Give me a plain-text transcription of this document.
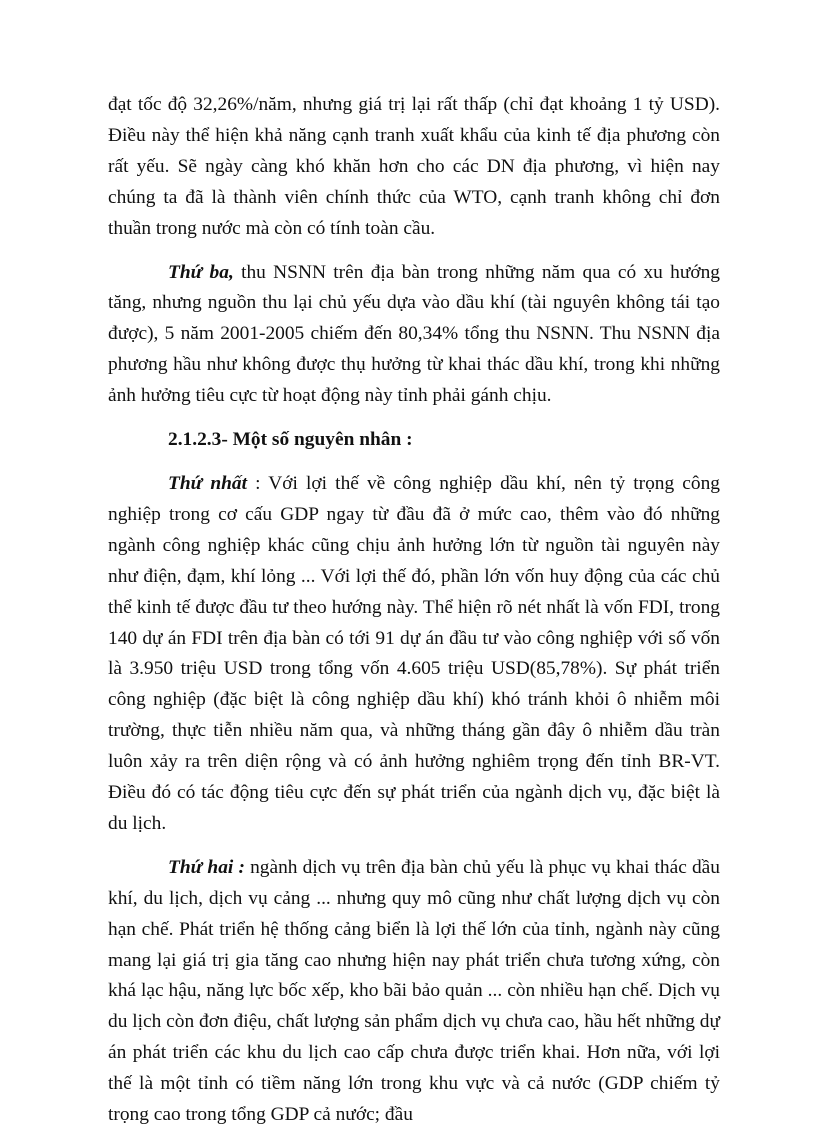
đạt tốc độ 32,26%/năm, nhưng giá trị lại rất thấp (chỉ đạt khoảng 1 tỷ USD). Điều này thể hiện khả năng cạnh tranh xuất khẩu của kinh tế địa phương còn rất yếu. Sẽ ngày càng khó khăn hơn cho các DN địa phương, vì hiện nay chúng ta đã là thành viên chính thức của WTO, cạnh tranh không chỉ đơn thuần trong nước mà còn có tính toàn cầu.

Thứ ba, thu NSNN trên địa bàn trong những năm qua có xu hướng tăng, nhưng nguồn thu lại chủ yếu dựa vào dầu khí (tài nguyên không tái tạo được), 5 năm 2001-2005 chiếm đến 80,34% tổng thu NSNN. Thu NSNN địa phương hầu như không được thụ hưởng từ khai thác dầu khí, trong khi những ảnh hưởng tiêu cực từ hoạt động này tỉnh phải gánh chịu.

2.1.2.3- Một số nguyên nhân :

Thứ nhất : Với lợi thế về công nghiệp dầu khí, nên tỷ trọng công nghiệp trong cơ cấu GDP ngay từ đầu đã ở mức cao, thêm vào đó những ngành công nghiệp khác cũng chịu ảnh hưởng lớn từ nguồn tài nguyên này như điện, đạm, khí lỏng ... Với lợi thế đó, phần lớn vốn huy động của các chủ thể kinh tế được đầu tư theo hướng này. Thể hiện rõ nét nhất là vốn FDI, trong 140 dự án FDI trên địa bàn có tới 91 dự án đầu tư vào công nghiệp với số vốn là 3.950 triệu USD trong tổng vốn 4.605 triệu USD(85,78%). Sự phát triển công nghiệp (đặc biệt là công nghiệp dầu khí) khó tránh khỏi ô nhiễm môi trường, thực tiễn nhiều năm qua, và những tháng gần đây ô nhiễm dầu tràn luôn xảy ra trên diện rộng và có ảnh hưởng nghiêm trọng đến tỉnh BR-VT. Điều đó có tác động tiêu cực đến sự phát triển của ngành dịch vụ, đặc biệt là du lịch.

Thứ hai : ngành dịch vụ trên địa bàn chủ yếu là phục vụ khai thác dầu khí, du lịch, dịch vụ cảng ... nhưng quy mô cũng như chất lượng dịch vụ còn hạn chế. Phát triển hệ thống cảng biển là lợi thế lớn của tỉnh, ngành này cũng mang lại giá trị gia tăng cao nhưng hiện nay phát triển chưa tương xứng, còn khá lạc hậu, năng lực bốc xếp, kho bãi bảo quản ... còn nhiều hạn chế. Dịch vụ du lịch còn đơn điệu, chất lượng sản phẩm dịch vụ chưa cao, hầu hết những dự án phát triển các khu du lịch cao cấp chưa được triển khai. Hơn nữa, với lợi thế là một tỉnh có tiềm năng lớn trong khu vực và cả nước (GDP chiếm tỷ trọng cao trong tổng GDP cả nước; đầu
